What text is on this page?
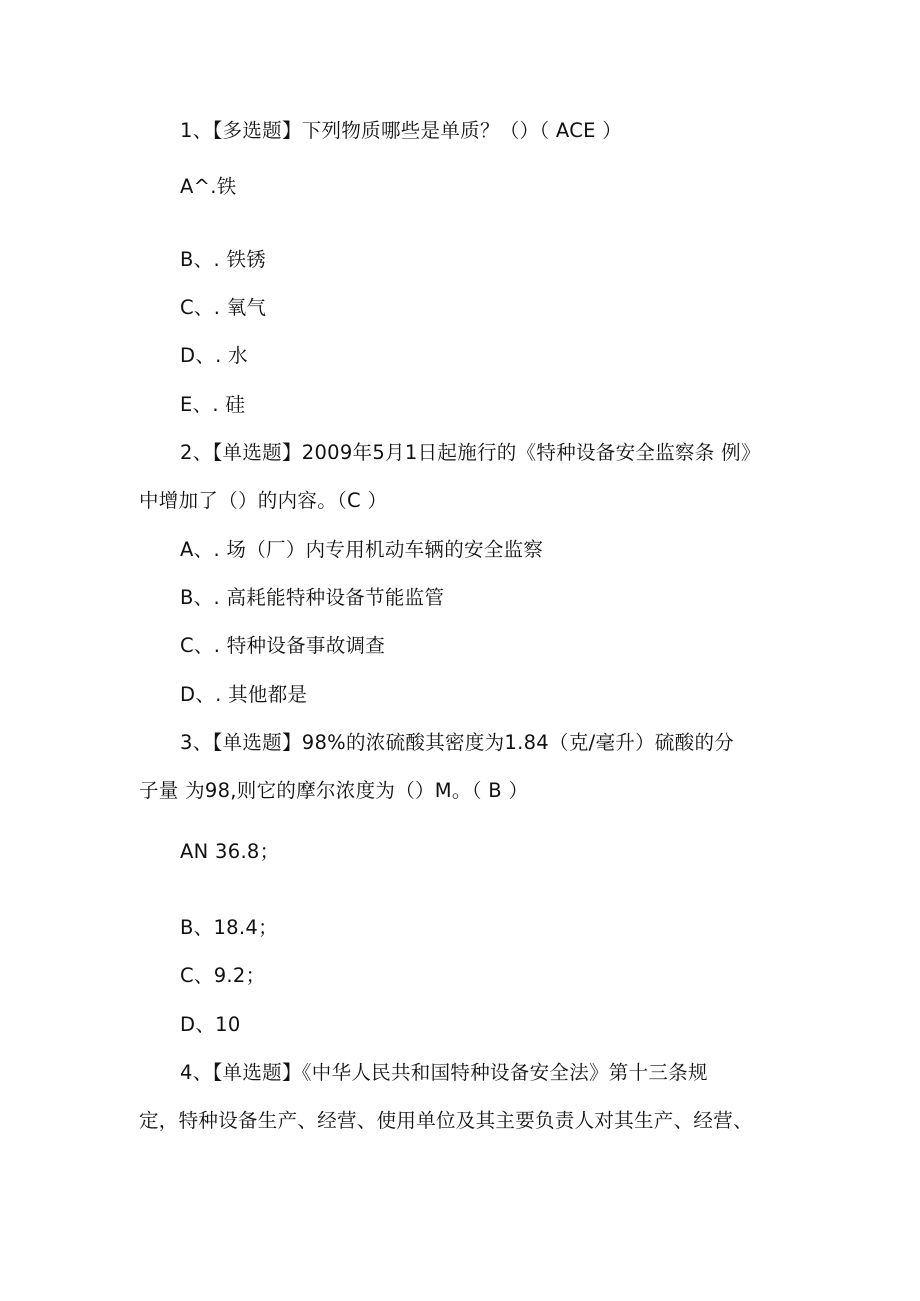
1、【多选题】下列物质哪些是单质？（）（ ACE ）
A^.铁
B、. 铁锈
C、. 氧气
D、. 水
E、. 硅
2、【单选题】2009年5月1日起施行的《特种设备安全监察条 例》
中增加了（）的内容。（C ）
A、. 场（厂）内专用机动车辆的安全监察
B、. 高耗能特种设备节能监管
C、. 特种设备事故调查
D、. 其他都是
3、【单选题】98%的浓硫酸其密度为1.84（克/毫升）硫酸的分
子量 为98,则它的摩尔浓度为（）M。（ B ）
AN 36.8；
B、18.4；
C、9.2；
D、10
4、【单选题】《中华人民共和国特种设备安全法》第十三条规
定，特种设备生产、经营、使用单位及其主要负责人对其生产、经营、
